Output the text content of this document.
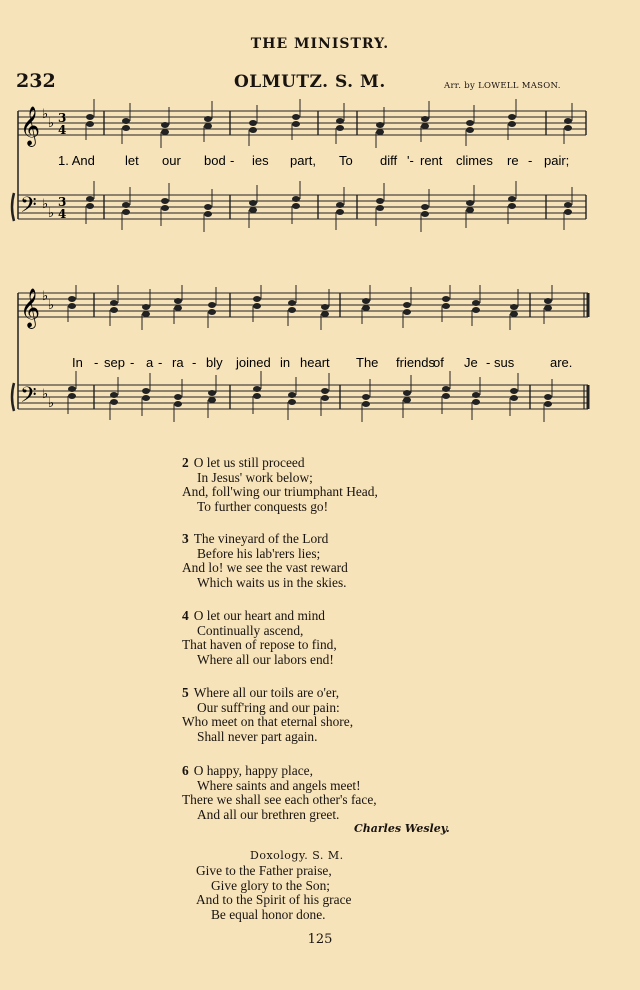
THE MINISTRY.
232	OLMUTZ. S. M.	Arr. by LOWELL MASON.
1. And let our bod - ies part, To diff '- rent climes re - pair;
𝄞
𝄢
♭
♭
♭
♭
3
4
3
4
In - sep - a - ra - bly joined in heart The friendsof Je - sus	are.
𝄞
𝄢
♭
♭
♭
♭
2 O let us still proceed
In Jesus' work below;
And, foll'wing our triumphant Head,
To further conquests go!
3 The vineyard of the Lord
Before his lab'rers lies;
And lo! we see the vast reward
Which waits us in the skies.
4 O let our heart and mind
Continually ascend,
That haven of repose to find,
Where all our labors end!
5 Where all our toils are o'er,
Our suff'ring and our pain:
Who meet on that eternal shore,
Shall never part again.
6 O happy, happy place,
Where saints and angels meet!
There we shall see each other's face,
And all our brethren greet.
Charles Wesley.
Doxology. S. M.
Give to the Father praise,
Give glory to the Son;
And to the Spirit of his grace
Be equal honor done.
125
